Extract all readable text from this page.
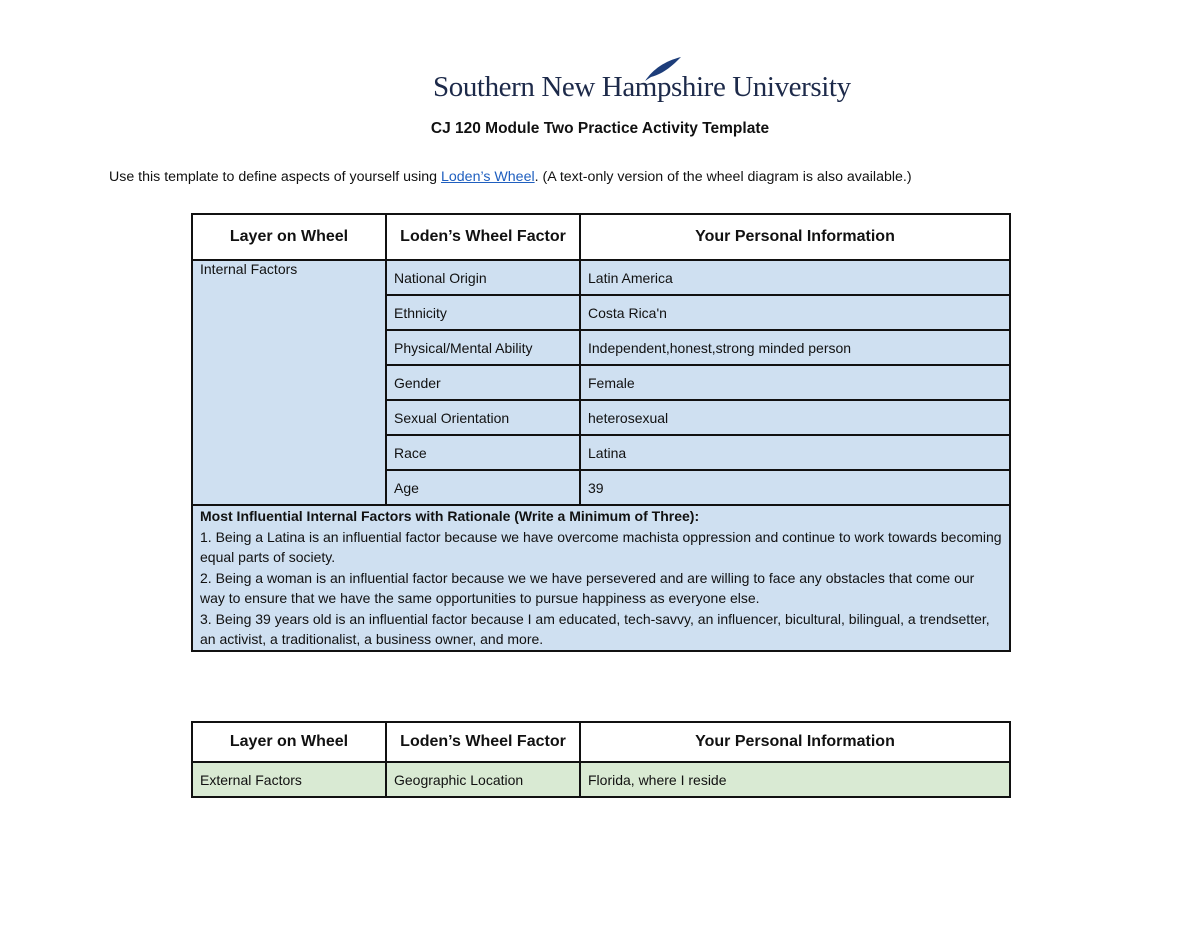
Southern New Hampshire University
CJ 120 Module Two Practice Activity Template
Use this template to define aspects of yourself using Loden’s Wheel. (A text-only version of the wheel diagram is also available.)
Layer on Wheel	Loden’s Wheel Factor	Your Personal Information
Internal Factors	National Origin	Latin America
	Ethnicity	Costa Rica'n
	Physical/Mental Ability	Independent,honest,strong minded person
	Gender	Female
	Sexual Orientation	heterosexual
	Race	Latina
	Age	39

Most Influential Internal Factors with Rationale (Write a Minimum of Three):
1. Being a Latina is an influential factor because we have overcome machista oppression and continue to work towards becoming equal parts of society.
2. Being a woman is an influential factor because we we have persevered and are willing to face any obstacles that come our way to ensure that we have the same opportunities to pursue happiness as everyone else.
3. Being 39 years old is an influential factor because I am educated, tech-savvy, an influencer, bicultural, bilingual, a trendsetter, an activist, a traditionalist, a business owner, and more.		
Layer on Wheel	Loden’s Wheel Factor	Your Personal Information
External Factors	Geographic Location	Florida, where I reside
